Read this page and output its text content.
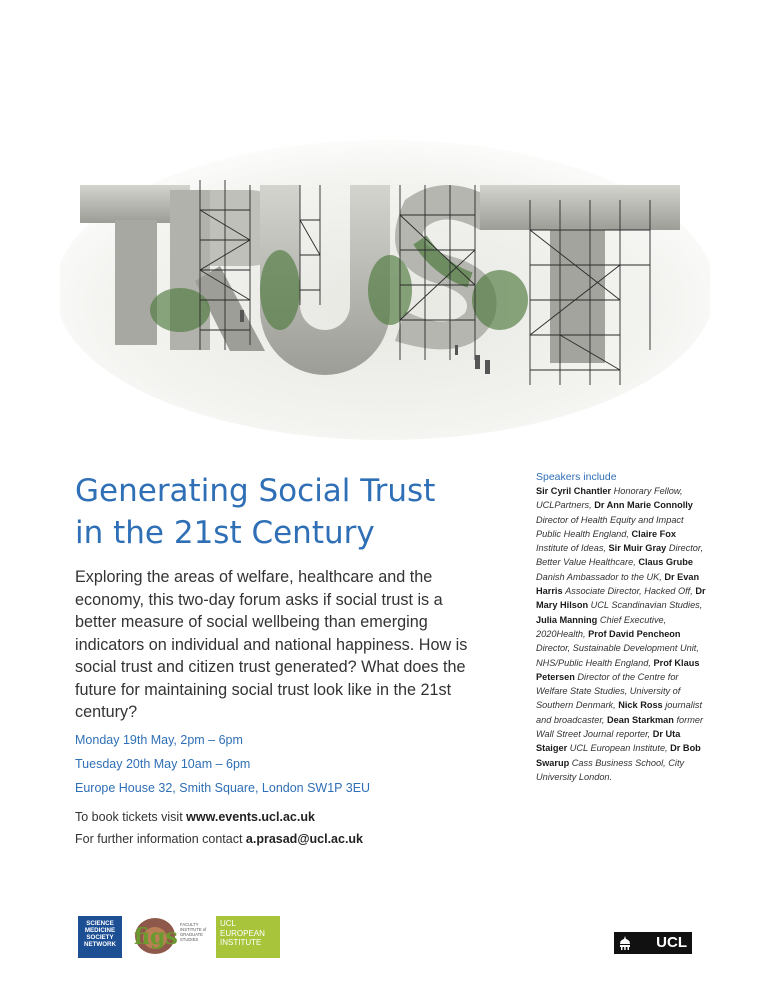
Generating Social Trust
in the 21st Century

Exploring the areas of welfare, healthcare and the economy, this two-day forum asks if social trust is a better measure of social wellbeing than emerging indicators on individual and national happiness. How is social trust and citizen trust generated? What does the future for maintaining social trust look like in the 21st century?

Monday 19th May, 2pm – 6pm
Tuesday 20th May 10am – 6pm
Europe House 32, Smith Square, London SW1P 3EU
To book tickets visit www.events.ucl.ac.uk
For further information contact a.prasad@ucl.ac.uk
Speakers include
Sir Cyril Chantler Honorary Fellow, UCLPartners, Dr Ann Marie Connolly Director of Health Equity and Impact Public Health England, Claire Fox Institute of Ideas, Sir Muir Gray Director, Better Value Healthcare, Claus Grube Danish Ambassador to the UK, Dr Evan Harris Associate Director, Hacked Off, Dr Mary Hilson UCL Scandinavian Studies, Julia Manning Chief Executive, 2020Health, Prof David Pencheon Director, Sustainable Development Unit, NHS/Public Health England, Prof Klaus Petersen Director of the Centre for Welfare State Studies, University of Southern Denmark, Nick Ross journalist and broadcaster, Dean Starkman former Wall Street Journal reporter, Dr Uta Staiger UCL European Institute, Dr Bob Swarup Cass Business School, City University London.
SCIENCE
MEDICINE
SOCIETY
NETWORK figs FACULTY INSTITUTE of GRADUATE STUDIES
UCL
EUROPEAN
INSTITUTE	UCL
